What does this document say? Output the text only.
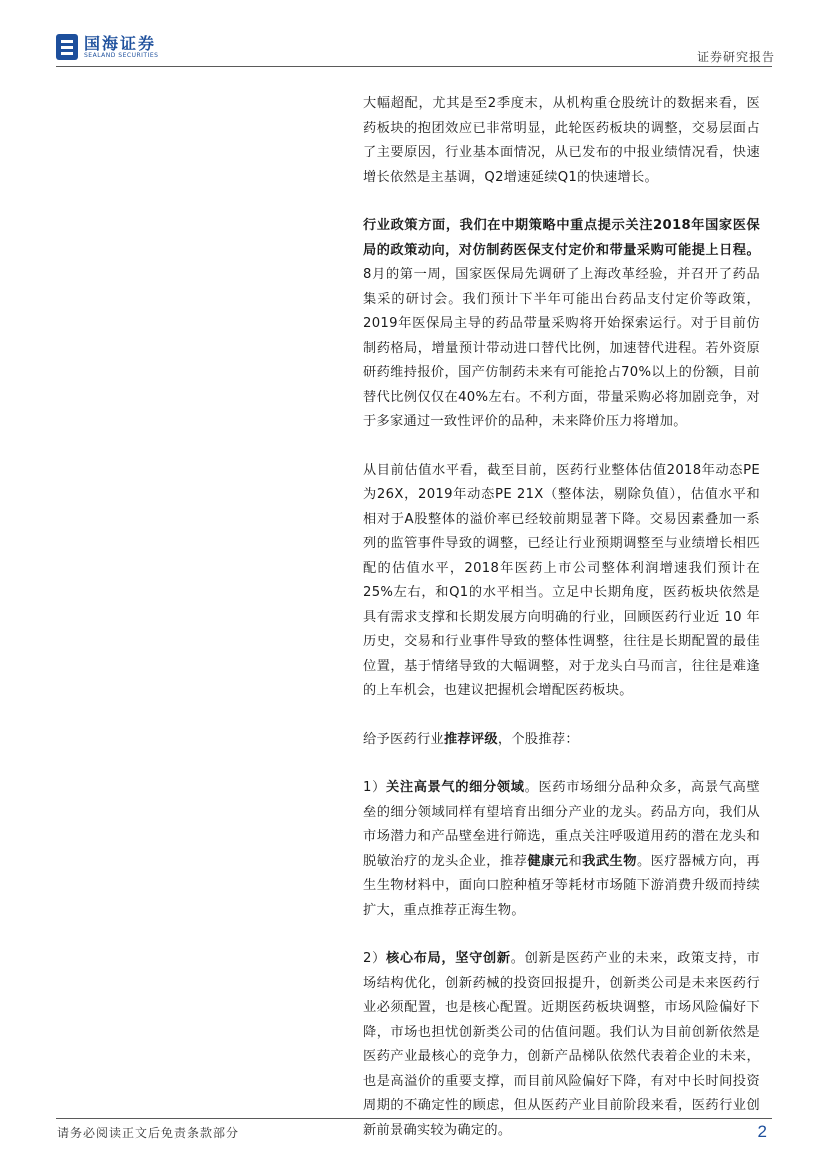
国海证券
SEALAND SECURITIES	证券研究报告

大幅超配，尤其是至2季度末，从机构重仓股统计的数据来看，医药板块的抱团效应已非常明显，此轮医药板块的调整，交易层面占了主要原因，行业基本面情况，从已发布的中报业绩情况看，快速增长依然是主基调，Q2增速延续Q1的快速增长。

行业政策方面，我们在中期策略中重点提示关注2018年国家医保局的政策动向，对仿制药医保支付定价和带量采购可能提上日程。8月的第一周，国家医保局先调研了上海改革经验，并召开了药品集采的研讨会。我们预计下半年可能出台药品支付定价等政策，2019年医保局主导的药品带量采购将开始探索运行。对于目前仿制药格局，增量预计带动进口替代比例，加速替代进程。若外资原研药维持报价，国产仿制药未来有可能抢占70%以上的份额，目前替代比例仅仅在40%左右。不利方面，带量采购必将加剧竞争，对于多家通过一致性评价的品种，未来降价压力将增加。

从目前估值水平看，截至目前，医药行业整体估值2018年动态PE为26X，2019年动态PE 21X（整体法，剔除负值），估值水平和相对于A股整体的溢价率已经较前期显著下降。交易因素叠加一系列的监管事件导致的调整，已经让行业预期调整至与业绩增长相匹配的估值水平，2018年医药上市公司整体利润增速我们预计在25%左右，和Q1的水平相当。立足中长期角度，医药板块依然是具有需求支撑和长期发展方向明确的行业，回顾医药行业近 10 年历史，交易和行业事件导致的整体性调整，往往是长期配置的最佳位置，基于情绪导致的大幅调整，对于龙头白马而言，往往是难逢的上车机会，也建议把握机会增配医药板块。

给予医药行业推荐评级，个股推荐：

1）关注高景气的细分领域。医药市场细分品种众多，高景气高壁垒的细分领域同样有望培育出细分产业的龙头。药品方向，我们从市场潜力和产品壁垒进行筛选，重点关注呼吸道用药的潜在龙头和脱敏治疗的龙头企业，推荐健康元和我武生物。医疗器械方向，再生生物材料中，面向口腔种植牙等耗材市场随下游消费升级而持续扩大，重点推荐正海生物。

2）核心布局，坚守创新。创新是医药产业的未来，政策支持，市场结构优化，创新药械的投资回报提升，创新类公司是未来医药行业必须配置，也是核心配置。近期医药板块调整，市场风险偏好下降，市场也担忧创新类公司的估值问题。我们认为目前创新依然是医药产业最核心的竞争力，创新产品梯队依然代表着企业的未来，也是高溢价的重要支撑，而目前风险偏好下降，有对中长时间投资周期的不确定性的顾虑，但从医药产业目前阶段来看，医药行业创新前景确实较为确定的。

请务必阅读正文后免责条款部分	2
